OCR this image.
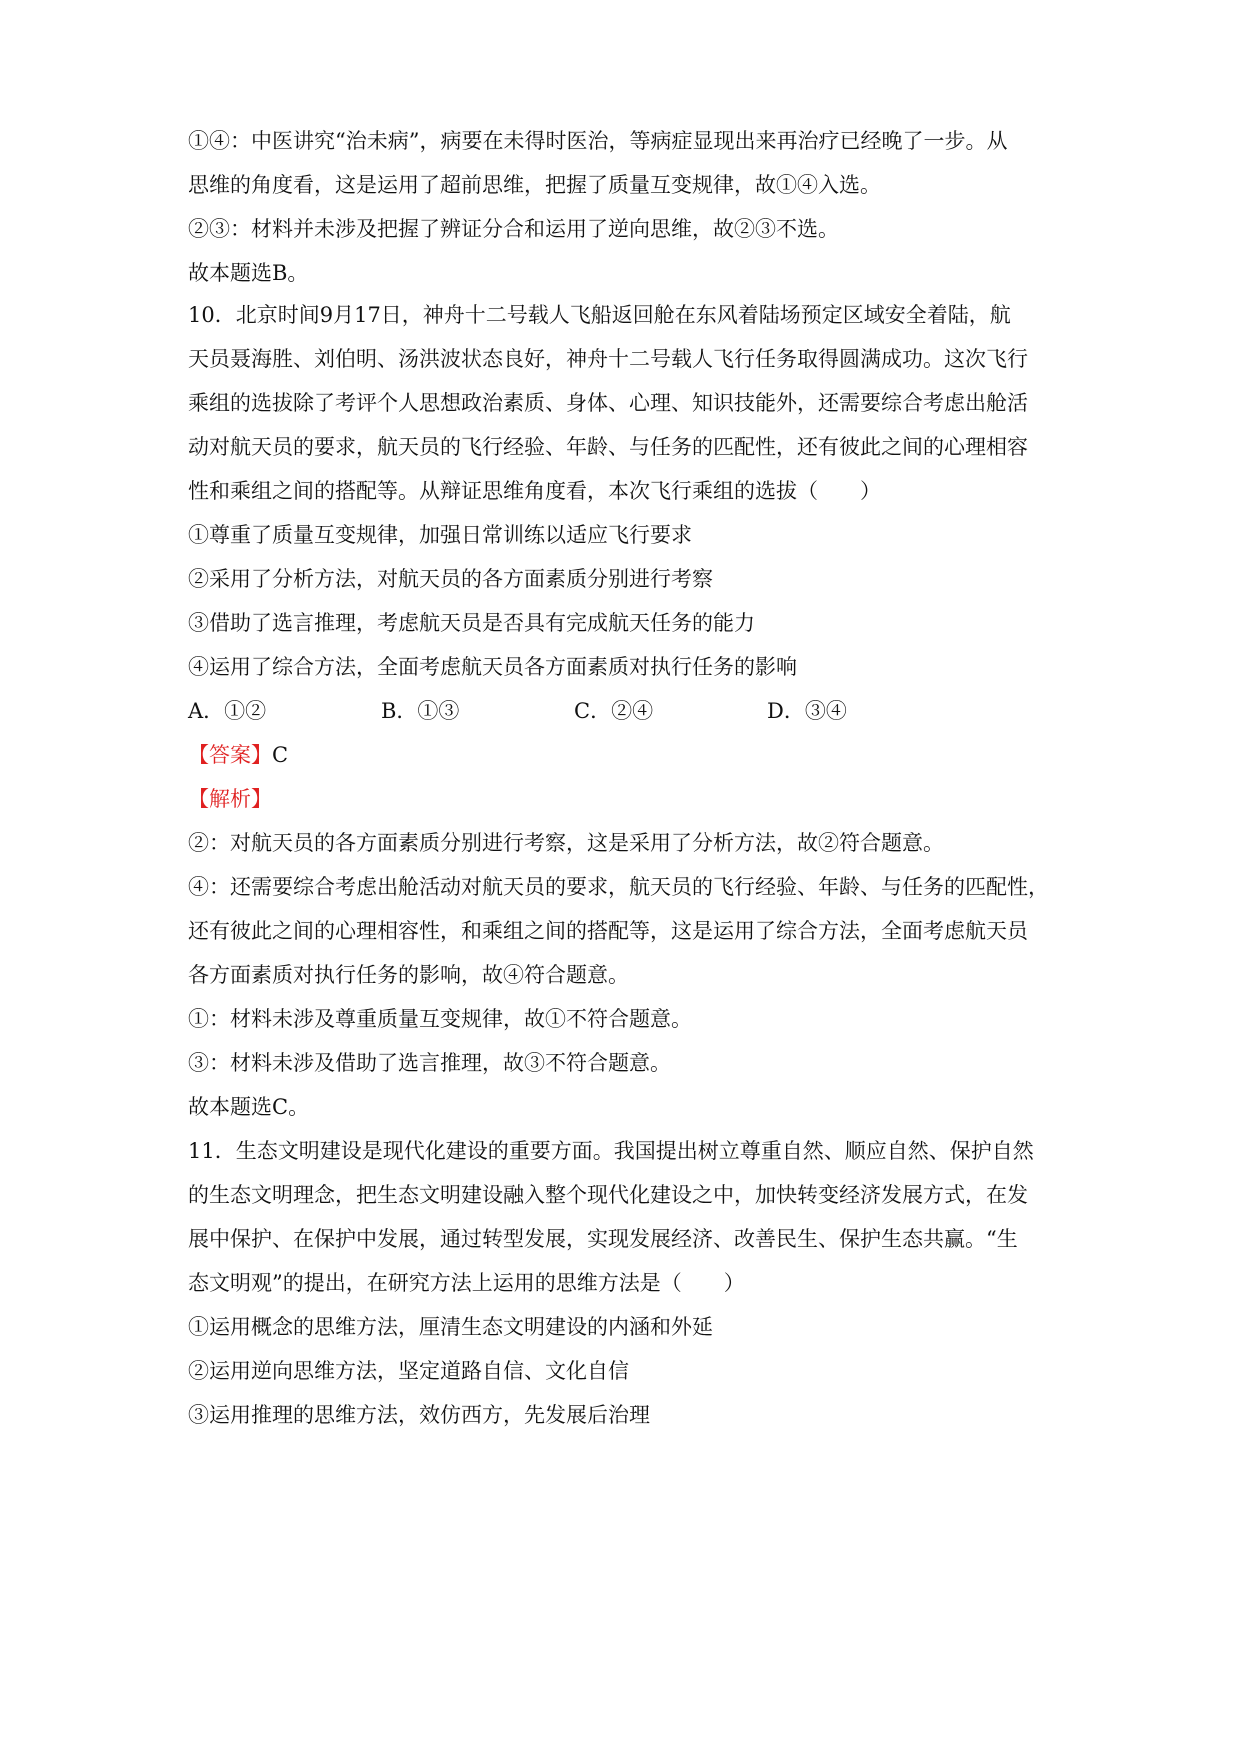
①④：中医讲究“治未病”，病要在未得时医治，等病症显现出来再治疗已经晚了一步。从
思维的角度看，这是运用了超前思维，把握了质量互变规律，故①④入选。
②③：材料并未涉及把握了辨证分合和运用了逆向思维，故②③不选。
故本题选B。
10．北京时间9月17日，神舟十二号载人飞船返回舱在东风着陆场预定区域安全着陆，航
天员聂海胜、刘伯明、汤洪波状态良好，神舟十二号载人飞行任务取得圆满成功。这次飞行
乘组的选拔除了考评个人思想政治素质、身体、心理、知识技能外，还需要综合考虑出舱活
动对航天员的要求，航天员的飞行经验、年龄、与任务的匹配性，还有彼此之间的心理相容
性和乘组之间的搭配等。从辩证思维角度看，本次飞行乘组的选拔（　　）
①尊重了质量互变规律，加强日常训练以适应飞行要求
②采用了分析方法，对航天员的各方面素质分别进行考察
③借助了选言推理，考虑航天员是否具有完成航天任务的能力
④运用了综合方法，全面考虑航天员各方面素质对执行任务的影响
A．①②	B．①③	C．②④	D．③④
【答案】C
【解析】
②：对航天员的各方面素质分别进行考察，这是采用了分析方法，故②符合题意。
④：还需要综合考虑出舱活动对航天员的要求，航天员的飞行经验、年龄、与任务的匹配性，
还有彼此之间的心理相容性，和乘组之间的搭配等，这是运用了综合方法，全面考虑航天员
各方面素质对执行任务的影响，故④符合题意。
①：材料未涉及尊重质量互变规律，故①不符合题意。
③：材料未涉及借助了选言推理，故③不符合题意。
故本题选C。
11．生态文明建设是现代化建设的重要方面。我国提出树立尊重自然、顺应自然、保护自然
的生态文明理念，把生态文明建设融入整个现代化建设之中，加快转变经济发展方式，在发
展中保护、在保护中发展，通过转型发展，实现发展经济、改善民生、保护生态共赢。“生
态文明观”的提出，在研究方法上运用的思维方法是（　　）
①运用概念的思维方法，厘清生态文明建设的内涵和外延
②运用逆向思维方法，坚定道路自信、文化自信
③运用推理的思维方法，效仿西方，先发展后治理
